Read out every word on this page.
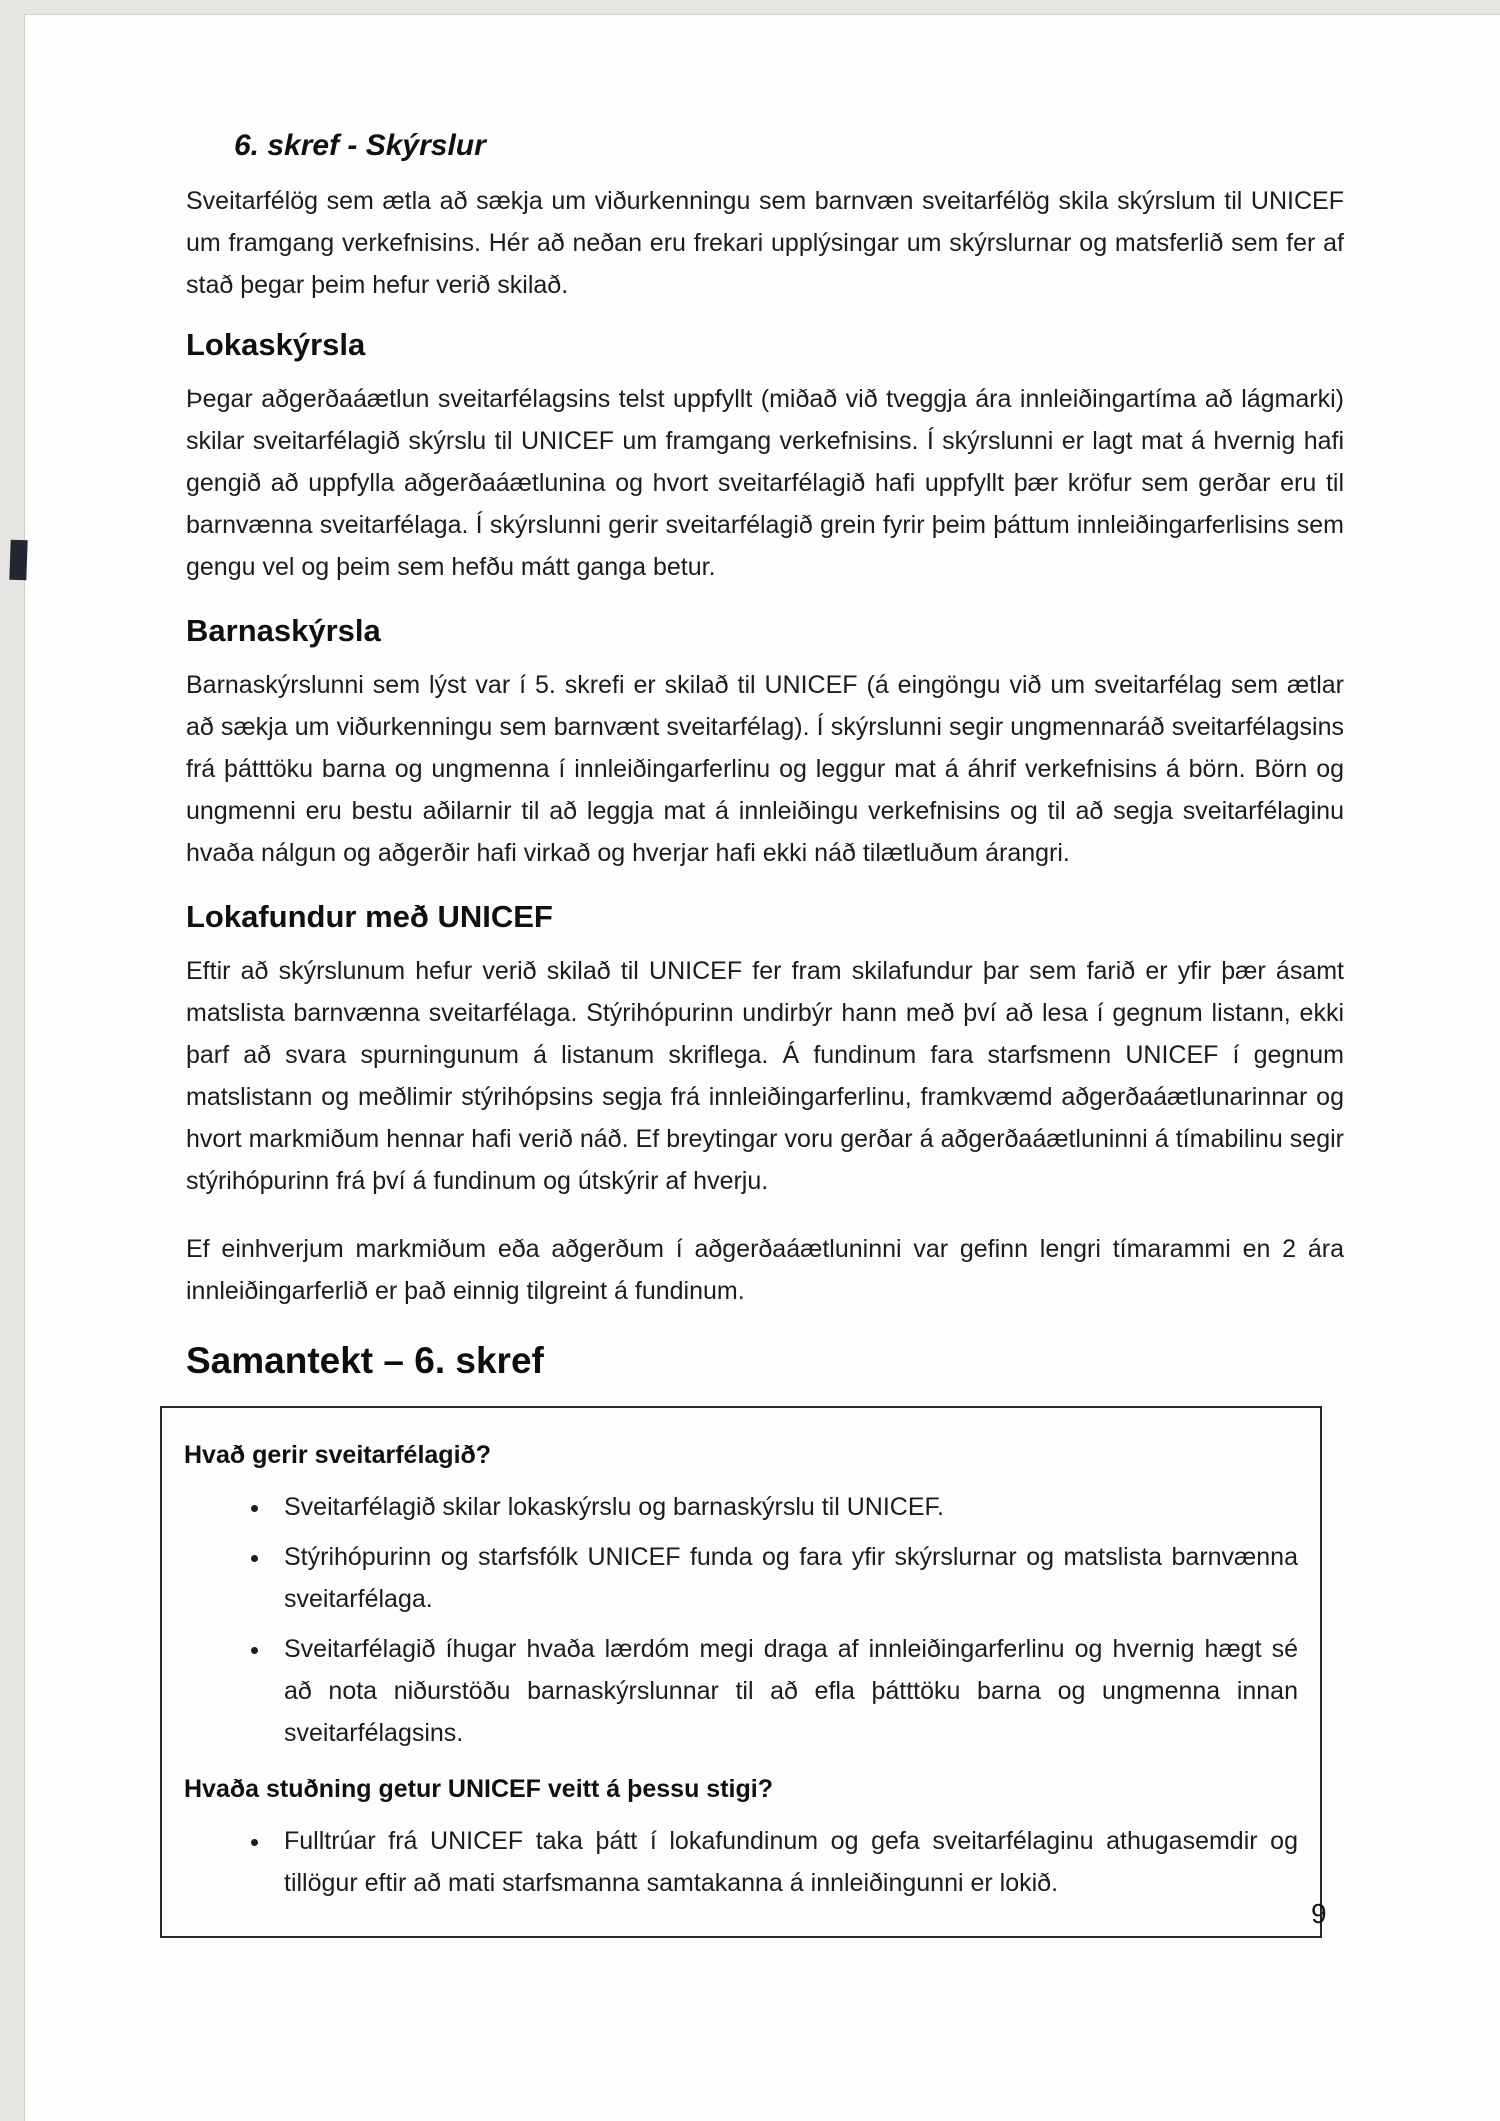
6. skref - Skýrslur

Sveitarfélög sem ætla að sækja um viðurkenningu sem barnvæn sveitarfélög skila skýrslum til UNICEF um framgang verkefnisins. Hér að neðan eru frekari upplýsingar um skýrslurnar og matsferlið sem fer af stað þegar þeim hefur verið skilað.

Lokaskýrsla

Þegar aðgerðaáætlun sveitarfélagsins telst uppfyllt (miðað við tveggja ára innleiðingartíma að lágmarki) skilar sveitarfélagið skýrslu til UNICEF um framgang verkefnisins. Í skýrslunni er lagt mat á hvernig hafi gengið að uppfylla aðgerðaáætlunina og hvort sveitarfélagið hafi uppfyllt þær kröfur sem gerðar eru til barnvænna sveitarfélaga. Í skýrslunni gerir sveitarfélagið grein fyrir þeim þáttum innleiðingarferlisins sem gengu vel og þeim sem hefðu mátt ganga betur.

Barnaskýrsla

Barnaskýrslunni sem lýst var í 5. skrefi er skilað til UNICEF (á eingöngu við um sveitarfélag sem ætlar að sækja um viðurkenningu sem barnvænt sveitarfélag). Í skýrslunni segir ungmennaráð sveitarfélagsins frá þátttöku barna og ungmenna í innleiðingarferlinu og leggur mat á áhrif verkefnisins á börn. Börn og ungmenni eru bestu aðilarnir til að leggja mat á innleiðingu verkefnisins og til að segja sveitarfélaginu hvaða nálgun og aðgerðir hafi virkað og hverjar hafi ekki náð tilætluðum árangri.

Lokafundur með UNICEF

Eftir að skýrslunum hefur verið skilað til UNICEF fer fram skilafundur þar sem farið er yfir þær ásamt matslista barnvænna sveitarfélaga. Stýrihópurinn undirbýr hann með því að lesa í gegnum listann, ekki þarf að svara spurningunum á listanum skriflega. Á fundinum fara starfsmenn UNICEF í gegnum matslistann og meðlimir stýrihópsins segja frá innleiðingarferlinu, framkvæmd aðgerðaáætlunarinnar og hvort markmiðum hennar hafi verið náð. Ef breytingar voru gerðar á aðgerðaáætluninni á tímabilinu segir stýrihópurinn frá því á fundinum og útskýrir af hverju.

Ef einhverjum markmiðum eða aðgerðum í aðgerðaáætluninni var gefinn lengri tímarammi en 2 ára innleiðingarferlið er það einnig tilgreint á fundinum.

Samantekt – 6. skref

Hvað gerir sveitarfélagið?

• Sveitarfélagið skilar lokaskýrslu og barnaskýrslu til UNICEF.
• Stýrihópurinn og starfsfólk UNICEF funda og fara yfir skýrslurnar og matslista barnvænna sveitarfélaga.
• Sveitarfélagið íhugar hvaða lærdóm megi draga af innleiðingarferlinu og hvernig hægt sé að nota niðurstöðu barnaskýrslunnar til að efla þátttöku barna og ungmenna innan sveitarfélagsins.

Hvaða stuðning getur UNICEF veitt á þessu stigi?

• Fulltrúar frá UNICEF taka þátt í lokafundinum og gefa sveitarfélaginu athugasemdir og tillögur eftir að mati starfsmanna samtakanna á innleiðingunni er lokið.
9
